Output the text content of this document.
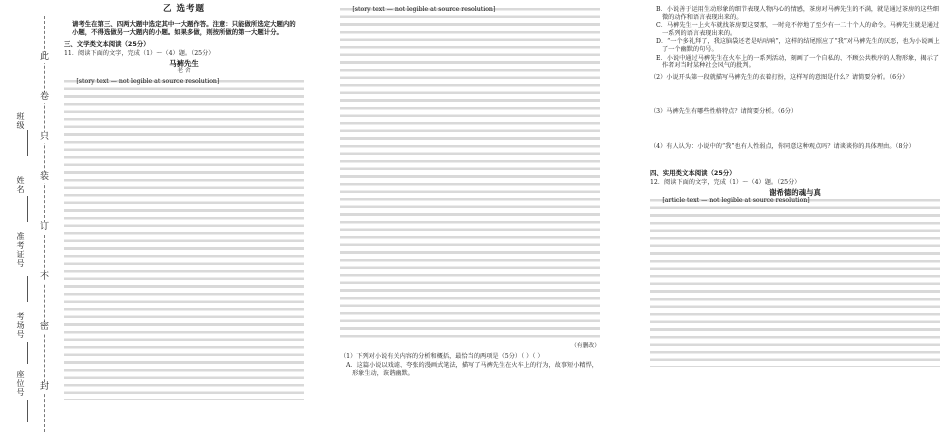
此
卷
只
装
订
不
密
封
班级
姓名
准考证号
考场号
座位号
乙 选考题
请考生在第三、四两大题中选定其中一大题作答。注意：只能做所选定大题内的小题，不得选做另一大题内的小题。如果多做，则按所做的第一大题计分。
三、文学类文本阅读（25分）
11．阅读下面的文字，完成（1）～（4）题。（25分）
马裤先生
老 舍

[story text — not legible at source resolution]

[story text — not legible at source resolution]

（有删改）
（1）下列对小说有关内容的分析和概括，最恰当的两项是（5分）（ ）（ ）
A．这篇小说以戏谑、夸张的漫画式笔法，描写了马裤先生在火车上的行为，故事短小精悍，形象生动，诙谐幽默。
B．小说善于运用生动形象的细节表现人物内心的情感，茶房对马裤先生的不满，就是通过茶房的这些细微的动作和语言表现出来的。
C．马裤先生一上火车就找茶房要这要那，一时竟不停地了至少有一二十个人的命令。马裤先生就是通过一系列的语言表现出来的。
D．“一个多礼拜了，我这脑袋还老是咕咕响”，这样的结尾照应了“我”对马裤先生的厌恶，也为小说画上了一个幽默的句号。
E．小说中通过马裤先生在火车上的一系列活动，刻画了一个自私的、不顾公共秩序的人物形象，揭示了作者对当时某种社会风气的批判。
（2）小说开头第一段就描写马裤先生的衣着打扮，这样写的意图是什么？请简要分析。（6分）
（3）马裤先生有哪些性格特点？请简要分析。（6分）
（4）有人认为：小说中的“我”也有人性弱点，你同意这种观点吗？请谈谈你的具体理由。（8分）
四、实用类文本阅读（25分）
12．阅读下面的文字，完成（1）～（4）题。（25分）
谢希德的魂与真

[article text — not legible at source resolution]
